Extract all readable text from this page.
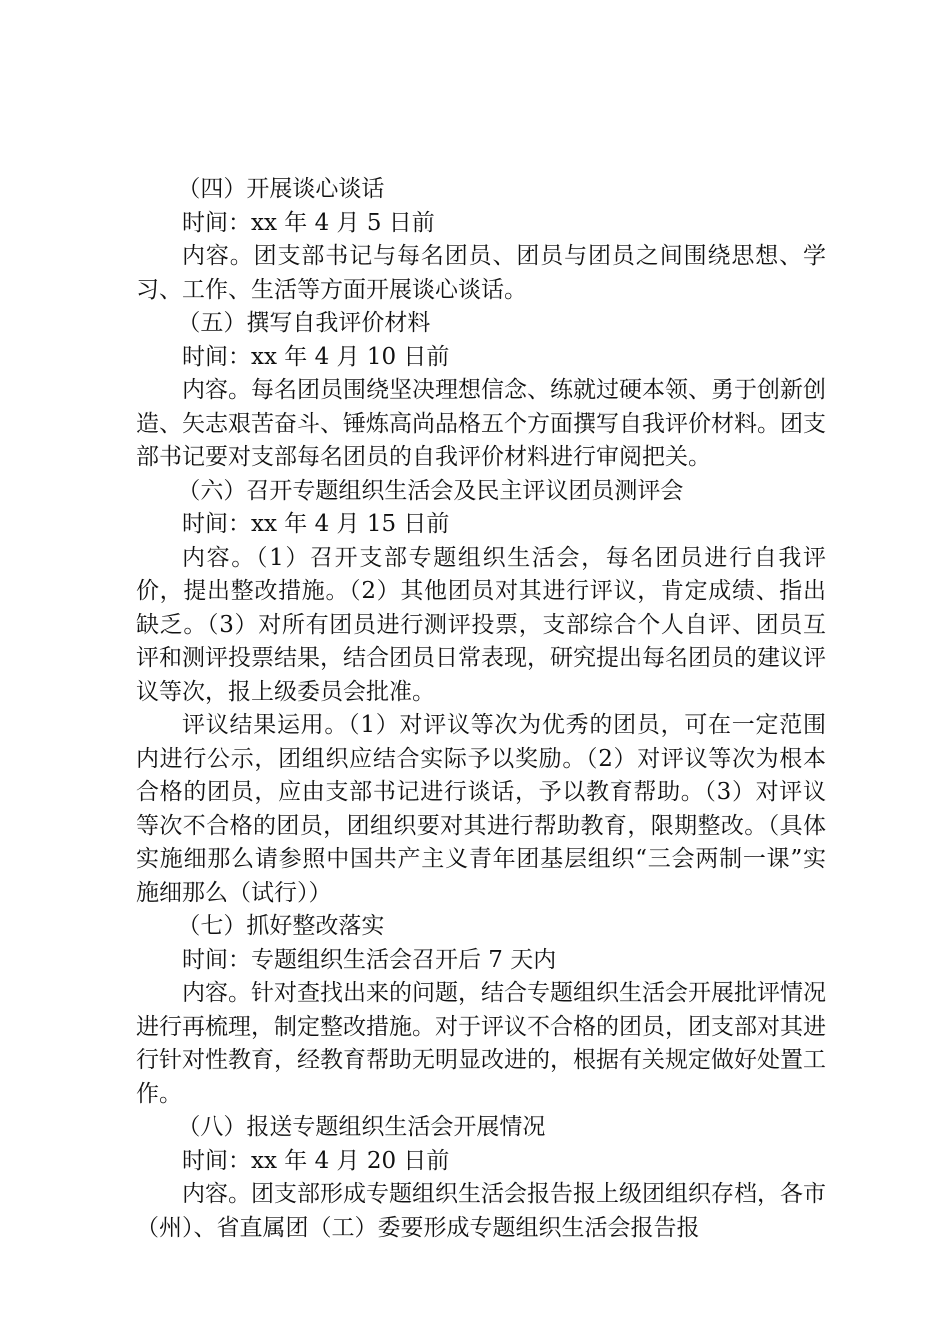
（四）开展谈心谈话

时间：xx 年 4 月 5 日前

内容。团支部书记与每名团员、团员与团员之间围绕思想、学习、工作、生活等方面开展谈心谈话。

（五）撰写自我评价材料

时间：xx 年 4 月 10 日前

内容。每名团员围绕坚决理想信念、练就过硬本领、勇于创新创造、矢志艰苦奋斗、锤炼高尚品格五个方面撰写自我评价材料。团支部书记要对支部每名团员的自我评价材料进行审阅把关。

（六）召开专题组织生活会及民主评议团员测评会

时间：xx 年 4 月 15 日前

内容。（1）召开支部专题组织生活会，每名团员进行自我评价，提出整改措施。（2）其他团员对其进行评议，肯定成绩、指出缺乏。（3）对所有团员进行测评投票，支部综合个人自评、团员互评和测评投票结果，结合团员日常表现，研究提出每名团员的建议评议等次，报上级委员会批准。

评议结果运用。（1）对评议等次为优秀的团员，可在一定范围内进行公示，团组织应结合实际予以奖励。（2）对评议等次为根本合格的团员，应由支部书记进行谈话，予以教育帮助。（3）对评议等次不合格的团员，团组织要对其进行帮助教育，限期整改。（具体实施细那么请参照中国共产主义青年团基层组织“三会两制一课”实施细那么（试行））

（七）抓好整改落实

时间：专题组织生活会召开后 7 天内

内容。针对查找出来的问题，结合专题组织生活会开展批评情况进行再梳理，制定整改措施。对于评议不合格的团员，团支部对其进行针对性教育，经教育帮助无明显改进的，根据有关规定做好处置工作。

（八）报送专题组织生活会开展情况

时间：xx 年 4 月 20 日前

内容。团支部形成专题组织生活会报告报上级团组织存档，各市（州）、省直属团（工）委要形成专题组织生活会报告报
